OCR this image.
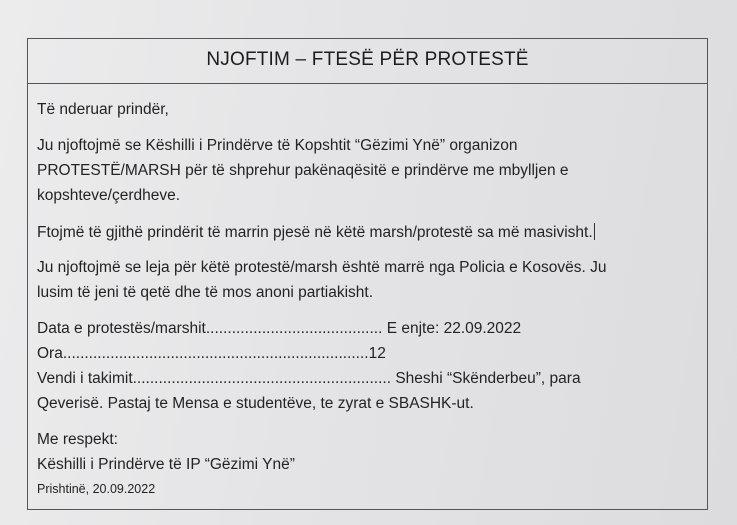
NJOFTIM – FTESË PËR PROTESTË
Të nderuar prindër,
Ju njoftojmë se Këshilli i Prindërve të Kopshtit “Gëzimi Ynë” organizon
PROTESTË/MARSH për të shprehur pakënaqësitë e prindërve me mbylljen e
kopshteve/çerdheve.
Ftojmë të gjithë prindërit të marrin pjesë në këtë marsh/protestë sa më masivisht.
Ju njoftojmë se leja për këtë protestë/marsh është marrë nga Policia e Kosovës. Ju
lusim të jeni të qetë dhe të mos anoni partiakisht.
Data e protestës/marshit......................................... E enjte: 22.09.2022
Ora.......................................................................12
Vendi i takimit............................................................ Sheshi “Skënderbeu”, para
Qeverisë. Pastaj te Mensa e studentëve, te zyrat e SBASHK-ut.
Me respekt:
Këshilli i Prindërve të IP “Gëzimi Ynë”
Prishtinë, 20.09.2022
